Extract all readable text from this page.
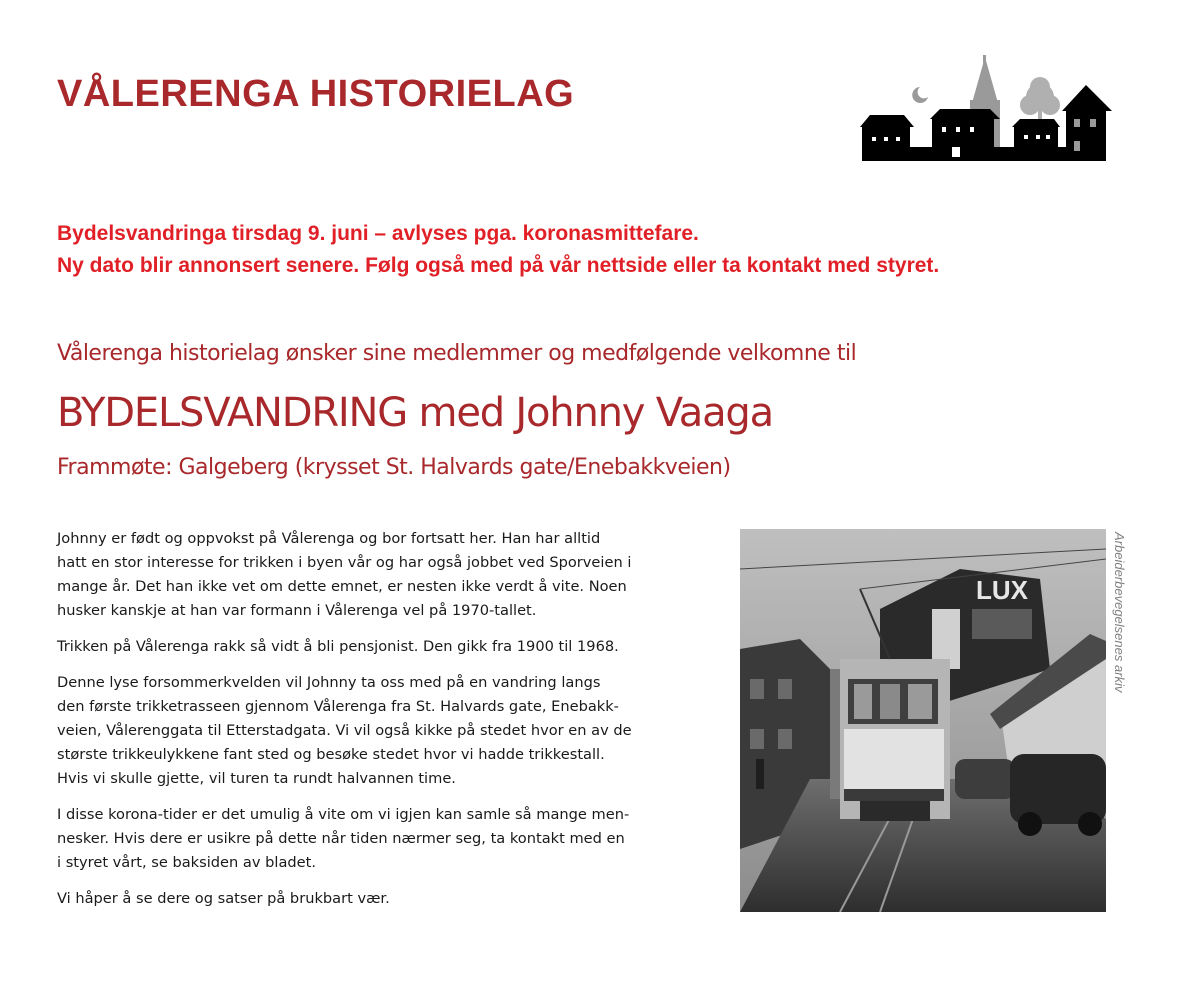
VÅLERENGA HISTORIELAG
Bydelsvandringa tirsdag 9. juni – avlyses pga. koronasmittefare.
Ny dato blir annonsert senere. Følg også med på vår nettside eller ta kontakt med styret.

Vålerenga historielag ønsker sine medlemmer og medfølgende velkomne til

BYDELSVANDRING med Johnny Vaaga

Frammøte: Galgeberg (krysset St. Halvards gate/Enebakkveien)

Johnny er født og oppvokst på Vålerenga og bor fortsatt her. Han har alltid
hatt en stor interesse for trikken i byen vår og har også jobbet ved Sporveien i
mange år. Det han ikke vet om dette emnet, er nesten ikke verdt å vite. Noen
husker kanskje at han var formann i Vålerenga vel på 1970-tallet.

Trikken på Vålerenga rakk så vidt å bli pensjonist. Den gikk fra 1900 til 1968.

Denne lyse forsommerkvelden vil Johnny ta oss med på en vandring langs
den første trikketrasseen gjennom Vålerenga fra St. Halvards gate, Enebakk-
veien, Vålerenggata til Etterstadgata. Vi vil også kikke på stedet hvor en av de
største trikkeulykkene fant sted og besøke stedet hvor vi hadde trikkestall.
Hvis vi skulle gjette, vil turen ta rundt halvannen time.

I disse korona-tider er det umulig å vite om vi igjen kan samle så mange men-
nesker. Hvis dere er usikre på dette når tiden nærmer seg, ta kontakt med en
i styret vårt, se baksiden av bladet.

Vi håper å se dere og satser på brukbart vær.

LUX	Arbeiderbevegelsenes arkiv
